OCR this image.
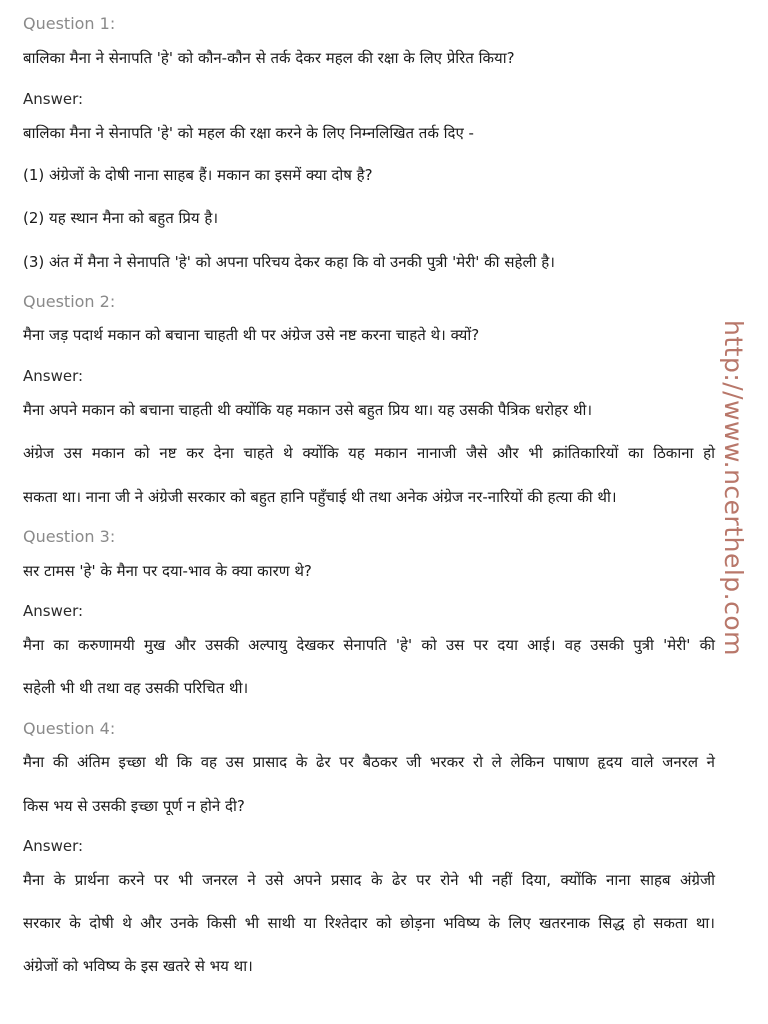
Question 1:
बालिका मैना ने सेनापति 'हे' को कौन-कौन से तर्क देकर महल की रक्षा के लिए प्रेरित किया?
Answer:
बालिका मैना ने सेनापति 'हे' को महल की रक्षा करने के लिए निम्नलिखित तर्क दिए -
(1) अंग्रेजों के दोषी नाना साहब हैं। मकान का इसमें क्या दोष है?
(2) यह स्थान मैना को बहुत प्रिय है।
(3) अंत में मैना ने सेनापति 'हे' को अपना परिचय देकर कहा कि वो उनकी पुत्री 'मेरी' की सहेली है।
Question 2:
मैना जड़ पदार्थ मकान को बचाना चाहती थी पर अंग्रेज उसे नष्ट करना चाहते थे। क्यों?
Answer:
मैना अपने मकान को बचाना चाहती थी क्योंकि यह मकान उसे बहुत प्रिय था। यह उसकी पैत्रिक धरोहर थी।
अंग्रेज उस मकान को नष्ट कर देना चाहते थे क्योंकि यह मकान नानाजी जैसे और भी क्रांतिकारियों का ठिकाना हो
सकता था। नाना जी ने अंग्रेजी सरकार को बहुत हानि पहुँचाई थी तथा अनेक अंग्रेज नर-नारियों की हत्या की थी।
Question 3:
सर टामस 'हे' के मैना पर दया-भाव के क्या कारण थे?
Answer:
मैना का करुणामयी मुख और उसकी अल्पायु देखकर सेनापति 'हे' को उस पर दया आई। वह उसकी पुत्री 'मेरी' की
सहेली भी थी तथा वह उसकी परिचित थी।
Question 4:
मैना की अंतिम इच्छा थी कि वह उस प्रासाद के ढेर पर बैठकर जी भरकर रो ले लेकिन पाषाण हृदय वाले जनरल ने
किस भय से उसकी इच्छा पूर्ण न होने दी?
Answer:
मैना के प्रार्थना करने पर भी जनरल ने उसे अपने प्रसाद के ढेर पर रोने भी नहीं दिया, क्योंकि नाना साहब अंग्रेजी
सरकार के दोषी थे और उनके किसी भी साथी या रिश्तेदार को छोड़ना भविष्य के लिए खतरनाक सिद्ध हो सकता था।
अंग्रेजों को भविष्य के इस खतरे से भय था।
http://www.ncerthelp.com
